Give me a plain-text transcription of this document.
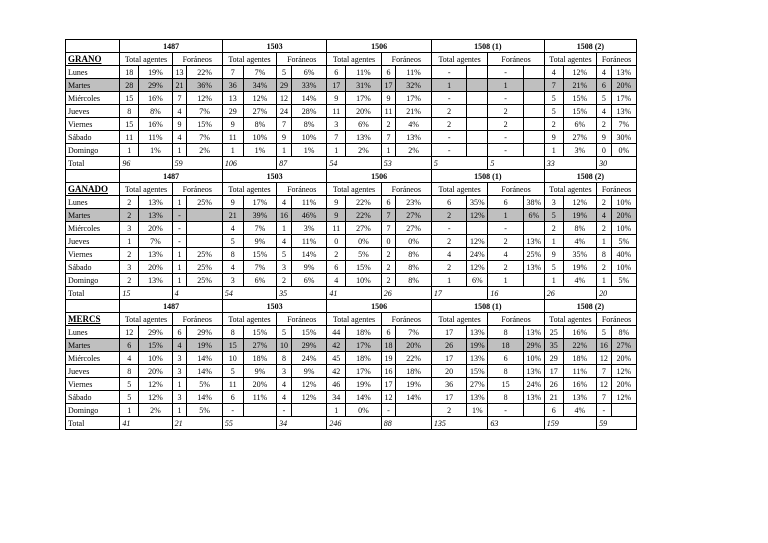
	1487				1503				1506				1508 (1)				1508 (2)			
GRANO	Total agentes		Foráneos		Total agentes		Foráneos		Total agentes		Foráneos		Total agentes		Foráneos		Total agentes		Foráneos	
Lunes	18	19%	13	22%	7	7%	5	6%	6	11%	6	11%	-		-		4	12%	4	13%
Martes	28	29%	21	36%	36	34%	29	33%	17	31%	17	32%	1		1		7	21%	6	20%
Miércoles	15	16%	7	12%	13	12%	12	14%	9	17%	9	17%	-		-		5	15%	5	17%
Jueves	8	8%	4	7%	29	27%	24	28%	11	20%	11	21%	2		2		5	15%	4	13%
Viernes	15	16%	9	15%	9	8%	7	8%	3	6%	2	4%	2		2		2	6%	2	7%
Sábado	11	11%	4	7%	11	10%	9	10%	7	13%	7	13%	-		-		9	27%	9	30%
Domingo	1	1%	1	2%	1	1%	1	1%	1	2%	1	2%	-		-		1	3%	0	0%
Total	96		59		106		87		54		53		5		5		33		30	
	1487				1503				1506				1508 (1)				1508 (2)			
GANADO	Total agentes		Foráneos		Total agentes		Foráneos		Total agentes		Foráneos		Total agentes		Foráneos		Total agentes		Foráneos	
Lunes	2	13%	1	25%	9	17%	4	11%	9	22%	6	23%	6	35%	6	38%	3	12%	2	10%
Martes	2	13%	-		21	39%	16	46%	9	22%	7	27%	2	12%	1	6%	5	19%	4	20%
Miércoles	3	20%	-		4	7%	1	3%	11	27%	7	27%	-		-		2	8%	2	10%
Jueves	1	7%	-		5	9%	4	11%	0	0%	0	0%	2	12%	2	13%	1	4%	1	5%
Viernes	2	13%	1	25%	8	15%	5	14%	2	5%	2	8%	4	24%	4	25%	9	35%	8	40%
Sábado	3	20%	1	25%	4	7%	3	9%	6	15%	2	8%	2	12%	2	13%	5	19%	2	10%
Domingo	2	13%	1	25%	3	6%	2	6%	4	10%	2	8%	1	6%	1		1	4%	1	5%
Total	15		4		54		35		41		26		17		16		26		20	
	1487				1503				1506				1508 (1)				1508 (2)			
MERCS	Total agentes		Foráneos		Total agentes		Foráneos		Total agentes		Foráneos		Total agentes		Foráneos		Total agentes		Foráneos	
Lunes	12	29%	6	29%	8	15%	5	15%	44	18%	6	7%	17	13%	8	13%	25	16%	5	8%
Martes	6	15%	4	19%	15	27%	10	29%	42	17%	18	20%	26	19%	18	29%	35	22%	16	27%
Miércoles	4	10%	3	14%	10	18%	8	24%	45	18%	19	22%	17	13%	6	10%	29	18%	12	20%
Jueves	8	20%	3	14%	5	9%	3	9%	42	17%	16	18%	20	15%	8	13%	17	11%	7	12%
Viernes	5	12%	1	5%	11	20%	4	12%	46	19%	17	19%	36	27%	15	24%	26	16%	12	20%
Sábado	5	12%	3	14%	6	11%	4	12%	34	14%	12	14%	17	13%	8	13%	21	13%	7	12%
Domingo	1	2%	1	5%	-		-		1	0%	-		2	1%	-		6	4%	-	
Total	41		21		55		34		246		88		135		63		159		59	
